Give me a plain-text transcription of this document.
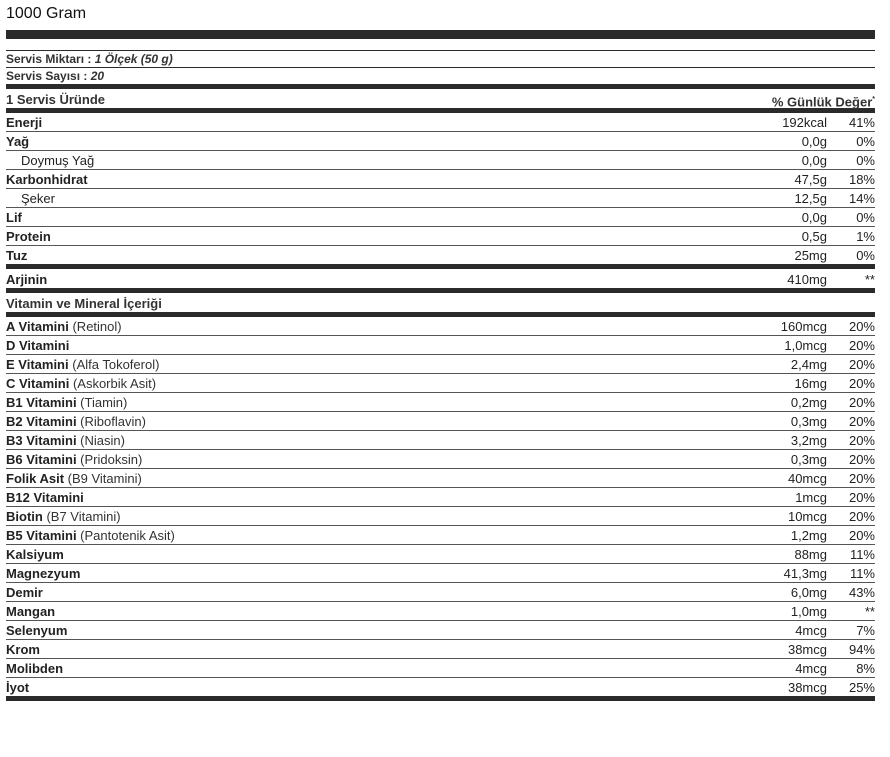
1000 Gram
Servis Miktarı : 1 Ölçek (50 g)
Servis Sayısı : 20
1 Servis Üründe	% Günlük Değer*
Enerji	192kcal	41%
Yağ	0,0g	0%
Doymuş Yağ	0,0g	0%
Karbonhidrat	47,5g	18%
Şeker	12,5g	14%
Lif	0,0g	0%
Protein	0,5g	1%
Tuz	25mg	0%
Arjinin	410mg	**
Vitamin ve Mineral İçeriği
A Vitamini (Retinol)	160mcg	20%
D Vitamini	1,0mcg	20%
E Vitamini (Alfa Tokoferol)	2,4mg	20%
C Vitamini (Askorbik Asit)	16mg	20%
B1 Vitamini (Tiamin)	0,2mg	20%
B2 Vitamini (Riboflavin)	0,3mg	20%
B3 Vitamini (Niasin)	3,2mg	20%
B6 Vitamini (Pridoksin)	0,3mg	20%
Folik Asit (B9 Vitamini)	40mcg	20%
B12 Vitamini	1mcg	20%
Biotin (B7 Vitamini)	10mcg	20%
B5 Vitamini (Pantotenik Asit)	1,2mg	20%
Kalsiyum	88mg	11%
Magnezyum	41,3mg	11%
Demir	6,0mg	43%
Mangan	1,0mg	**
Selenyum	4mcg	7%
Krom	38mcg	94%
Molibden	4mcg	8%
İyot	38mcg	25%
